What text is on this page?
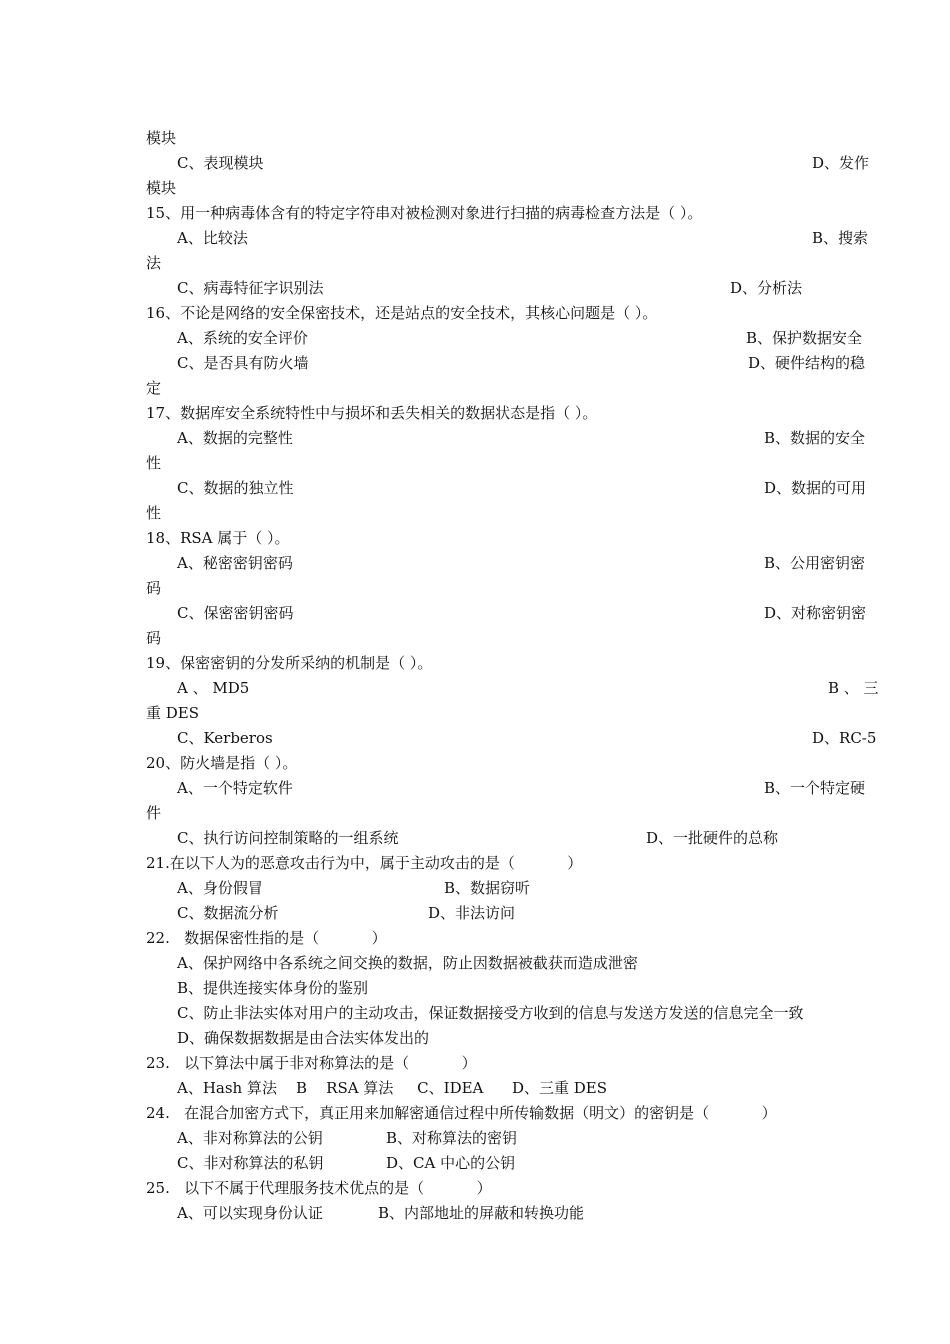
模块
C、表现模块	D、发作
模块
15、用一种病毒体含有的特定字符串对被检测对象进行扫描的病毒检查方法是（ ）。
A、比较法	B、搜索
法
C、病毒特征字识别法	D、分析法
16、不论是网络的安全保密技术，还是站点的安全技术，其核心问题是（ ）。
A、系统的安全评价	B、保护数据安全
C、是否具有防火墙	D、硬件结构的稳
定
17、数据库安全系统特性中与损坏和丢失相关的数据状态是指（ ）。
A、数据的完整性	B、数据的安全
性
C、数据的独立性	D、数据的可用
性
18、RSA 属于（ ）。
A、秘密密钥密码	B、公用密钥密
码
C、保密密钥密码	D、对称密钥密
码
19、保密密钥的分发所采纳的机制是（ ）。
A 、 MD5	B 、 三
重 DES
C、Kerberos	D、RC-5
20、防火墙是指（ ）。
A、一个特定软件	B、一个特定硬
件
C、执行访问控制策略的一组系统	D、一批硬件的总称
21.在以下人为的恶意攻击行为中，属于主动攻击的是（           ）
A、身份假冒	B、数据窃听
C、数据流分析	D、非法访问
22.   数据保密性指的是（           ）
A、保护网络中各系统之间交换的数据，防止因数据被截获而造成泄密
B、提供连接实体身份的鉴别
C、防止非法实体对用户的主动攻击，保证数据接受方收到的信息与发送方发送的信息完全一致
D、确保数据数据是由合法实体发出的
23.   以下算法中属于非对称算法的是（           ）
A、Hash 算法    B    RSA 算法     C、IDEA      D、三重 DES
24.   在混合加密方式下，真正用来加解密通信过程中所传输数据（明文）的密钥是（           ）
A、非对称算法的公钥	B、对称算法的密钥
C、非对称算法的私钥	D、CA 中心的公钥
25.   以下不属于代理服务技术优点的是（           ）
A、可以实现身份认证	B、内部地址的屏蔽和转换功能
